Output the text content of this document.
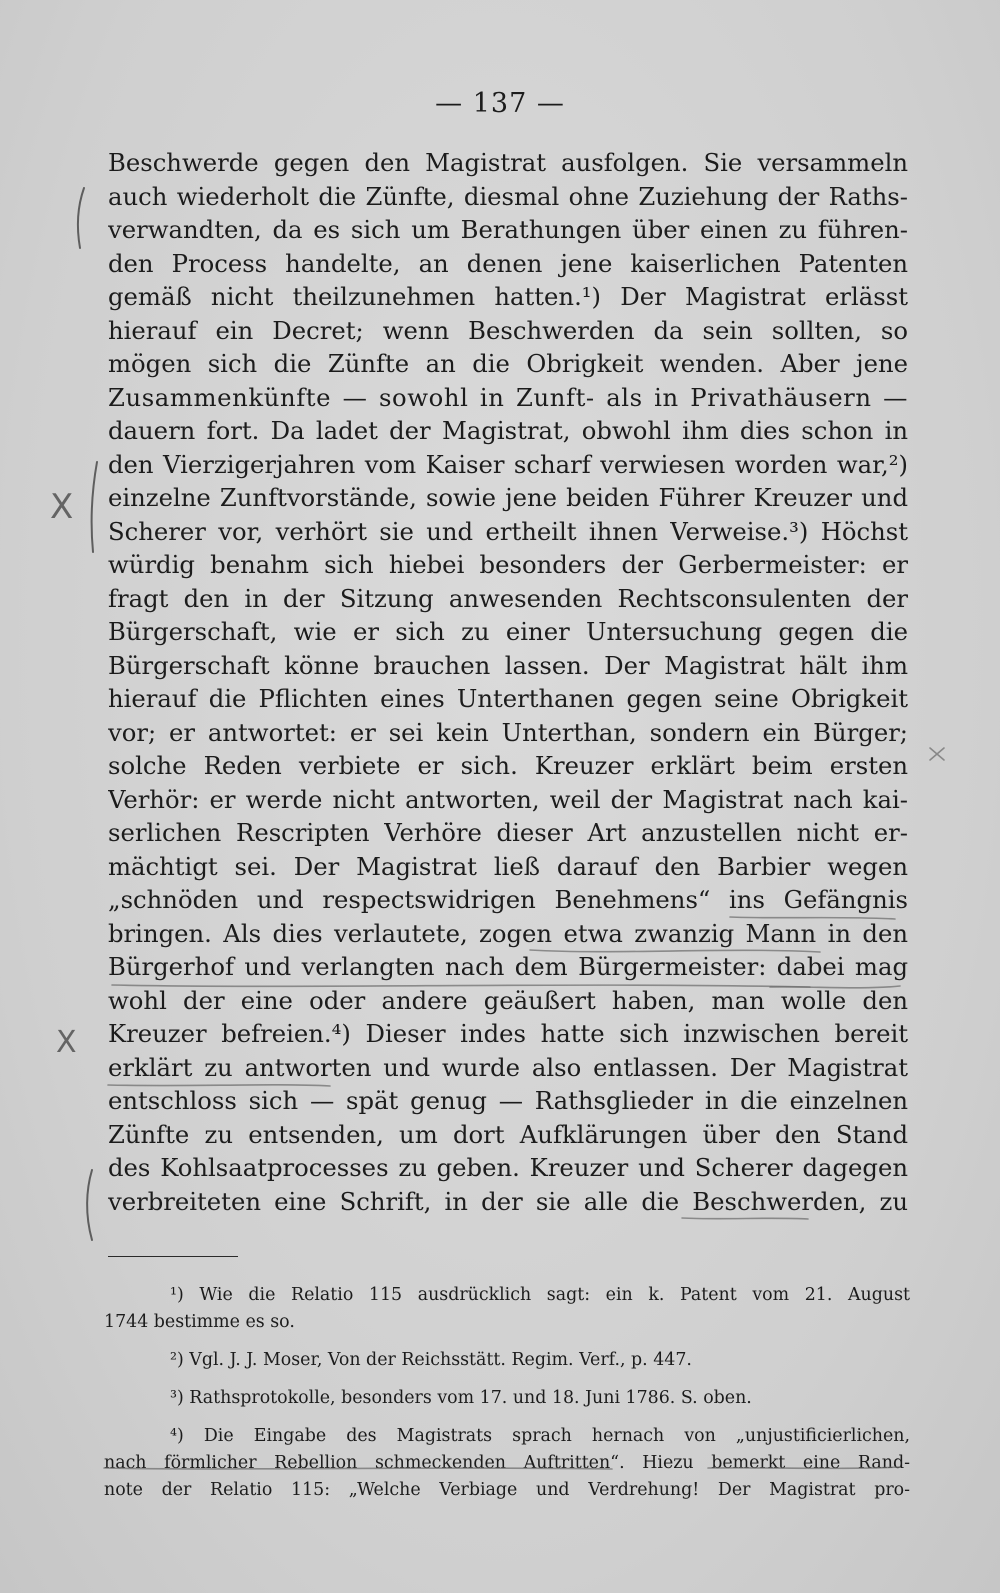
— 137 —
Beschwerde gegen den Magistrat ausfolgen. Sie versammeln
auch wiederholt die Zünfte, diesmal ohne Zuziehung der Raths-
verwandten, da es sich um Berathungen über einen zu führen-
den Process handelte, an denen jene kaiserlichen Patenten
gemäß nicht theilzunehmen hatten.¹) Der Magistrat erlässt
hierauf ein Decret; wenn Beschwerden da sein sollten, so
mögen sich die Zünfte an die Obrigkeit wenden. Aber jene
Zusammenkünfte — sowohl in Zunft- als in Privathäusern —
dauern fort. Da ladet der Magistrat, obwohl ihm dies schon in
den Vierzigerjahren vom Kaiser scharf verwiesen worden war,²)
einzelne Zunftvorstände, sowie jene beiden Führer Kreuzer und
Scherer vor, verhört sie und ertheilt ihnen Verweise.³) Höchst
würdig benahm sich hiebei besonders der Gerbermeister: er
fragt den in der Sitzung anwesenden Rechtsconsulenten der
Bürgerschaft, wie er sich zu einer Untersuchung gegen die
Bürgerschaft könne brauchen lassen. Der Magistrat hält ihm
hierauf die Pflichten eines Unterthanen gegen seine Obrigkeit
vor; er antwortet: er sei kein Unterthan, sondern ein Bürger;
solche Reden verbiete er sich. Kreuzer erklärt beim ersten
Verhör: er werde nicht antworten, weil der Magistrat nach kai-
serlichen Rescripten Verhöre dieser Art anzustellen nicht er-
mächtigt sei. Der Magistrat ließ darauf den Barbier wegen
„schnöden und respectswidrigen Benehmens“ ins Gefängnis
bringen. Als dies verlautete, zogen etwa zwanzig Mann in den
Bürgerhof und verlangten nach dem Bürgermeister: dabei mag
wohl der eine oder andere geäußert haben, man wolle den
Kreuzer befreien.⁴) Dieser indes hatte sich inzwischen bereit
erklärt zu antworten und wurde also entlassen. Der Magistrat
entschloss sich — spät genug — Rathsglieder in die einzelnen
Zünfte zu entsenden, um dort Aufklärungen über den Stand
des Kohlsaatprocesses zu geben. Kreuzer und Scherer dagegen
verbreiteten eine Schrift, in der sie alle die Beschwerden, zu
¹) Wie die Relatio 115 ausdrücklich sagt: ein k. Patent vom 21. August
1744 bestimme es so.
²) Vgl. J. J. Moser, Von der Reichsstätt. Regim. Verf., p. 447.
³) Rathsprotokolle, besonders vom 17. und 18. Juni 1786. S. oben.
⁴) Die Eingabe des Magistrats sprach hernach von „unjustificierlichen,
nach förmlicher Rebellion schmeckenden Auftritten“. Hiezu bemerkt eine Rand-
note der Relatio 115: „Welche Verbiage und Verdrehung! Der Magistrat pro-
X
X
